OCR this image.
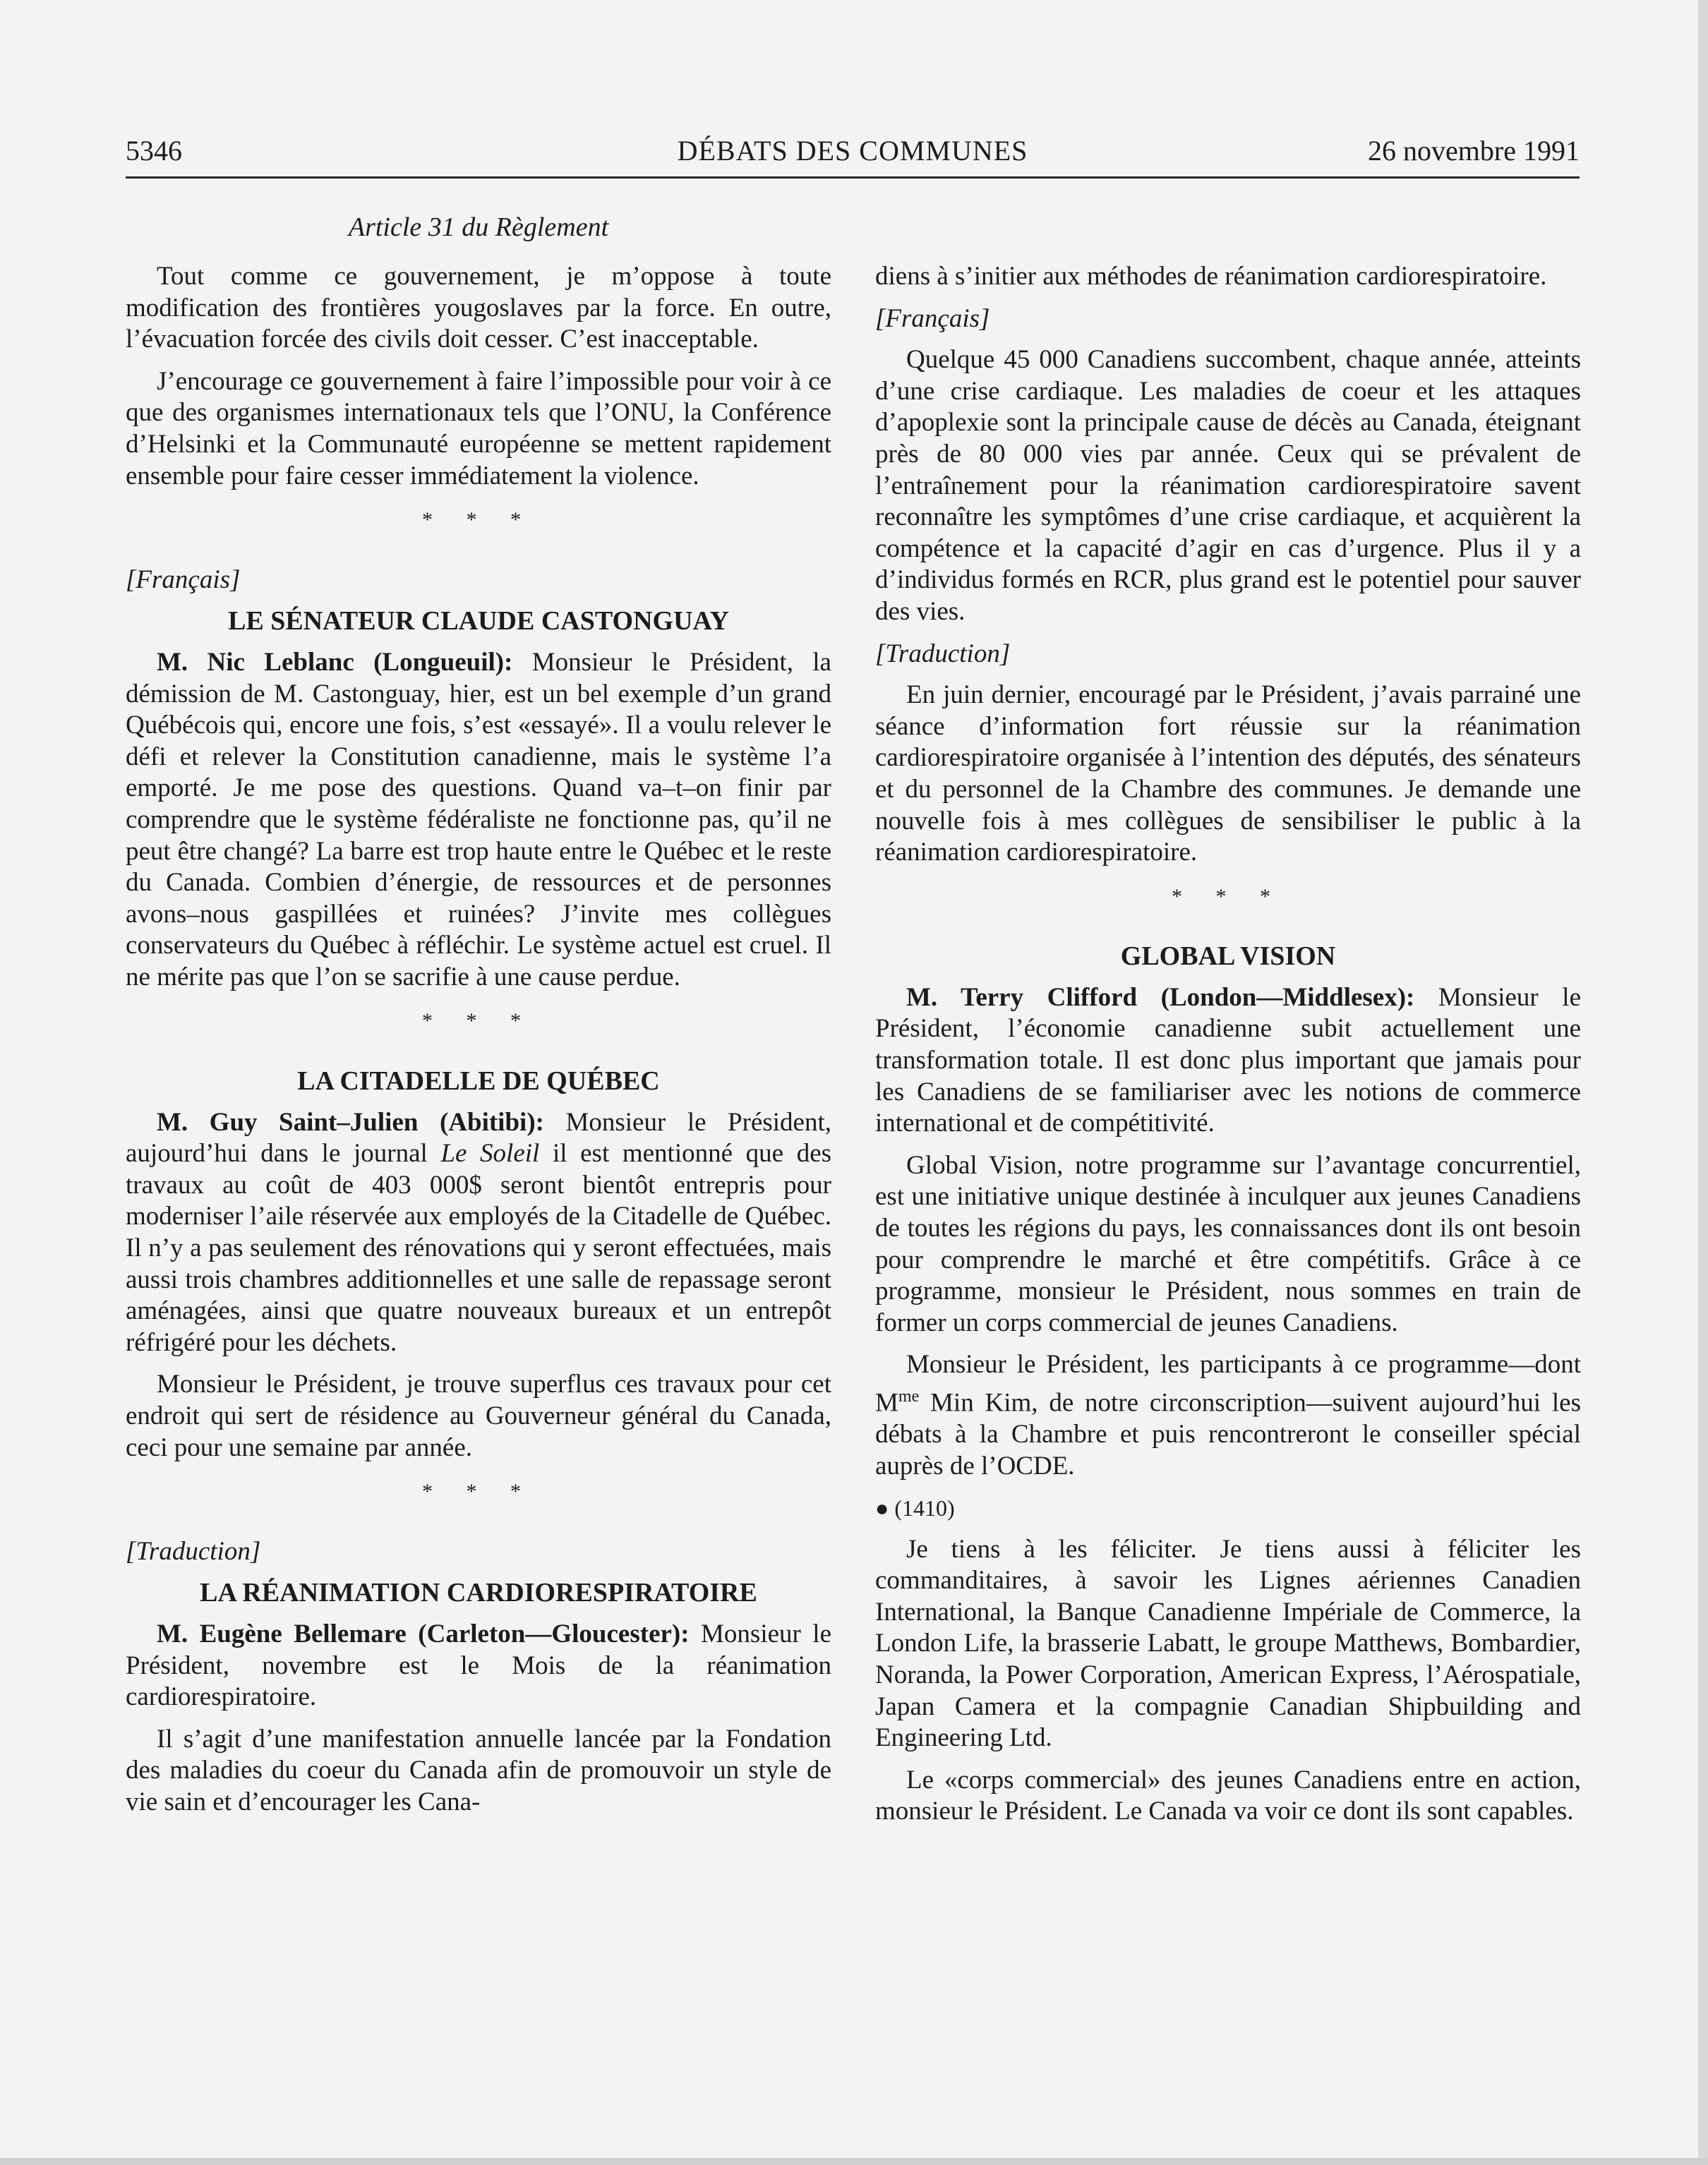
DÉBATS DES COMMUNES
5346	26 novembre 1991
Article 31 du Règlement

Tout comme ce gouvernement, je m’oppose à toute modification des frontières yougoslaves par la force. En outre, l’évacuation forcée des civils doit cesser. C’est inacceptable.

J’encourage ce gouvernement à faire l’impossible pour voir à ce que des organismes internationaux tels que l’ONU, la Conférence d’Helsinki et la Communauté européenne se mettent rapidement ensemble pour faire cesser immédiatement la violence.

* * *
[Français]
LE SÉNATEUR CLAUDE CASTONGUAY

M. Nic Leblanc (Longueuil): Monsieur le Président, la démission de M. Castonguay, hier, est un bel exemple d’un grand Québécois qui, encore une fois, s’est «essayé». Il a voulu relever le défi et relever la Constitution canadienne, mais le système l’a emporté. Je me pose des questions. Quand va–t–on finir par comprendre que le système fédéraliste ne fonctionne pas, qu’il ne peut être changé? La barre est trop haute entre le Québec et le reste du Canada. Combien d’énergie, de ressources et de personnes avons–nous gaspillées et ruinées? J’invite mes collègues conservateurs du Québec à réfléchir. Le système actuel est cruel. Il ne mérite pas que l’on se sacrifie à une cause perdue.

* * *
LA CITADELLE DE QUÉBEC

M. Guy Saint–Julien (Abitibi): Monsieur le Président, aujourd’hui dans le journal Le Soleil il est mentionné que des travaux au coût de 403 000$ seront bientôt entrepris pour moderniser l’aile réservée aux employés de la Citadelle de Québec. Il n’y a pas seulement des rénovations qui y seront effectuées, mais aussi trois chambres additionnelles et une salle de repassage seront aménagées, ainsi que quatre nouveaux bureaux et un entrepôt réfrigéré pour les déchets.

Monsieur le Président, je trouve superflus ces travaux pour cet endroit qui sert de résidence au Gouverneur général du Canada, ceci pour une semaine par année.

* * *
[Traduction]
LA RÉANIMATION CARDIORESPIRATOIRE

M. Eugène Bellemare (Carleton—Gloucester): Monsieur le Président, novembre est le Mois de la réanimation cardiorespiratoire.

Il s’agit d’une manifestation annuelle lancée par la Fondation des maladies du coeur du Canada afin de promouvoir un style de vie sain et d’encourager les Cana-

diens à s’initier aux méthodes de réanimation cardiorespiratoire.

[Français]

Quelque 45 000 Canadiens succombent, chaque année, atteints d’une crise cardiaque. Les maladies de coeur et les attaques d’apoplexie sont la principale cause de décès au Canada, éteignant près de 80 000 vies par année. Ceux qui se prévalent de l’entraînement pour la réanimation cardiorespiratoire savent reconnaître les symptômes d’une crise cardiaque, et acquièrent la compétence et la capacité d’agir en cas d’urgence. Plus il y a d’individus formés en RCR, plus grand est le potentiel pour sauver des vies.

[Traduction]

En juin dernier, encouragé par le Président, j’avais parrainé une séance d’information fort réussie sur la réanimation cardiorespiratoire organisée à l’intention des députés, des sénateurs et du personnel de la Chambre des communes. Je demande une nouvelle fois à mes collègues de sensibiliser le public à la réanimation cardiorespiratoire.

* * *
GLOBAL VISION

M. Terry Clifford (London—Middlesex): Monsieur le Président, l’économie canadienne subit actuellement une transformation totale. Il est donc plus important que jamais pour les Canadiens de se familiariser avec les notions de commerce international et de compétitivité.

Global Vision, notre programme sur l’avantage concurrentiel, est une initiative unique destinée à inculquer aux jeunes Canadiens de toutes les régions du pays, les connaissances dont ils ont besoin pour comprendre le marché et être compétitifs. Grâce à ce programme, monsieur le Président, nous sommes en train de former un corps commercial de jeunes Canadiens.

Monsieur le Président, les participants à ce programme—dont $M^{me}$ Min Kim, de notre circonscription—suivent aujourd’hui les débats à la Chambre et puis rencontreront le conseiller spécial auprès de l’OCDE.

● (1410)

Je tiens à les féliciter. Je tiens aussi à féliciter les commanditaires, à savoir les Lignes aériennes Canadien International, la Banque Canadienne Impériale de Commerce, la London Life, la brasserie Labatt, le groupe Matthews, Bombardier, Noranda, la Power Corporation, American Express, l’Aérospatiale, Japan Camera et la compagnie Canadian Shipbuilding and Engineering Ltd.

Le «corps commercial» des jeunes Canadiens entre en action, monsieur le Président. Le Canada va voir ce dont ils sont capables.
